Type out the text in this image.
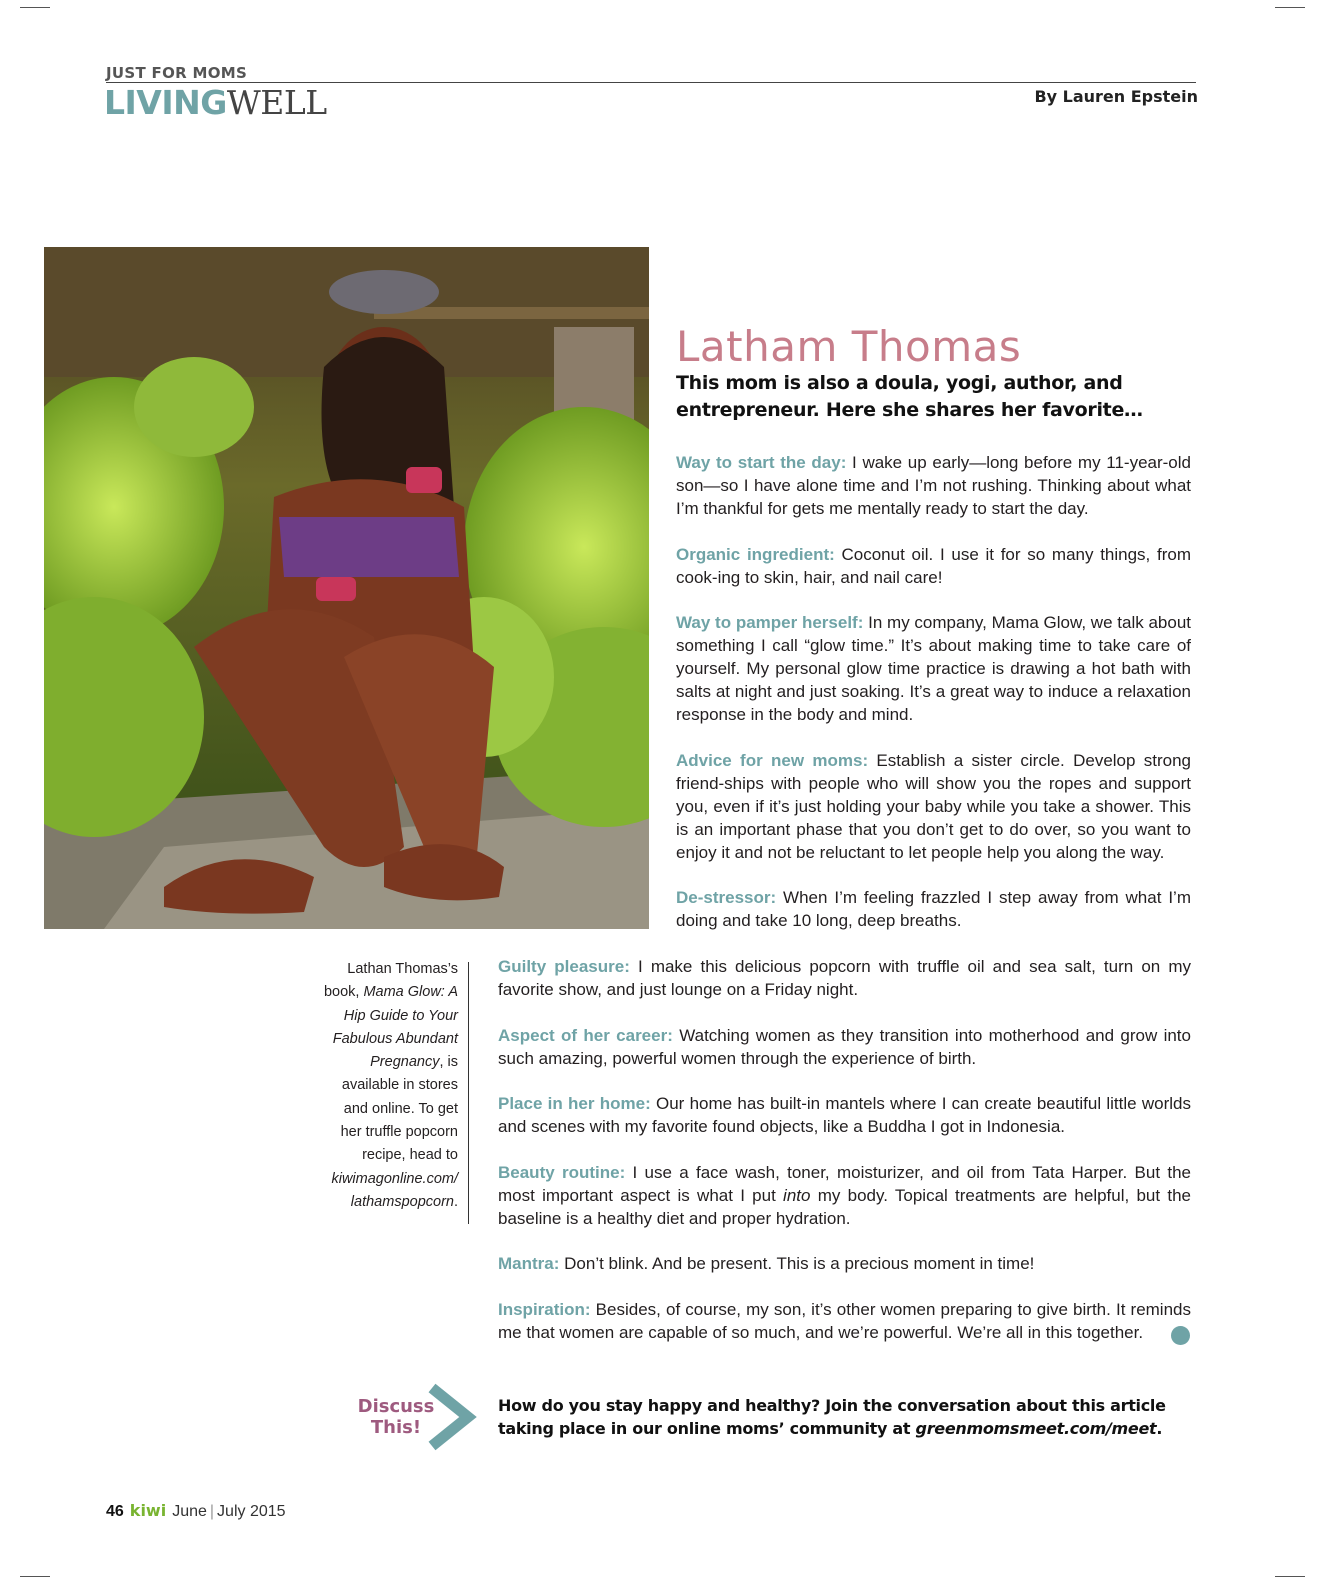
JUST FOR MOMS
LIVINGWELL	By Lauren Epstein
Latham Thomas
This mom is also a doula, yogi, author, and entrepreneur. Here she shares her favorite…

Way to start the day: I wake up early—long before my 11-year-old son—so I have alone time and I’m not rushing. Thinking about what I’m thankful for gets me mentally ready to start the day.

Organic ingredient: Coconut oil. I use it for so many things, from cook-ing to skin, hair, and nail care!

Way to pamper herself: In my company, Mama Glow, we talk about something I call “glow time.” It’s about making time to take care of yourself. My personal glow time practice is drawing a hot bath with salts at night and just soaking. It’s a great way to induce a relaxation response in the body and mind.

Advice for new moms: Establish a sister circle. Develop strong friend-ships with people who will show you the ropes and support you, even if it’s just holding your baby while you take a shower. This is an important phase that you don’t get to do over, so you want to enjoy it and not be reluctant to let people help you along the way.

De-stressor: When I’m feeling frazzled I step away from what I’m doing and take 10 long, deep breaths.

Lathan Thomas’s book, Mama Glow: A Hip Guide to Your Fabulous Abundant Pregnancy, is available in stores and online. To get her truffle popcorn recipe, head to kiwimagonline.com/ lathamspopcorn.

Guilty pleasure: I make this delicious popcorn with truffle oil and sea salt, turn on my favorite show, and just lounge on a Friday night.

Aspect of her career: Watching women as they transition into motherhood and grow into such amazing, powerful women through the experience of birth.

Place in her home: Our home has built-in mantels where I can create beautiful little worlds and scenes with my favorite found objects, like a Buddha I got in Indonesia.

Beauty routine: I use a face wash, toner, moisturizer, and oil from Tata Harper. But the most important aspect is what I put into my body. Topical treatments are helpful, but the baseline is a healthy diet and proper hydration.

Mantra: Don’t blink. And be present. This is a precious moment in time!

Inspiration: Besides, of course, my son, it’s other women preparing to give birth. It reminds me that women are capable of so much, and we’re powerful. We’re all in this together.

Discuss
This!
How do you stay happy and healthy? Join the conversation about this article taking place in our online moms’ community at greenmomsmeet.com/meet.
46 kiwi June | July 2015
